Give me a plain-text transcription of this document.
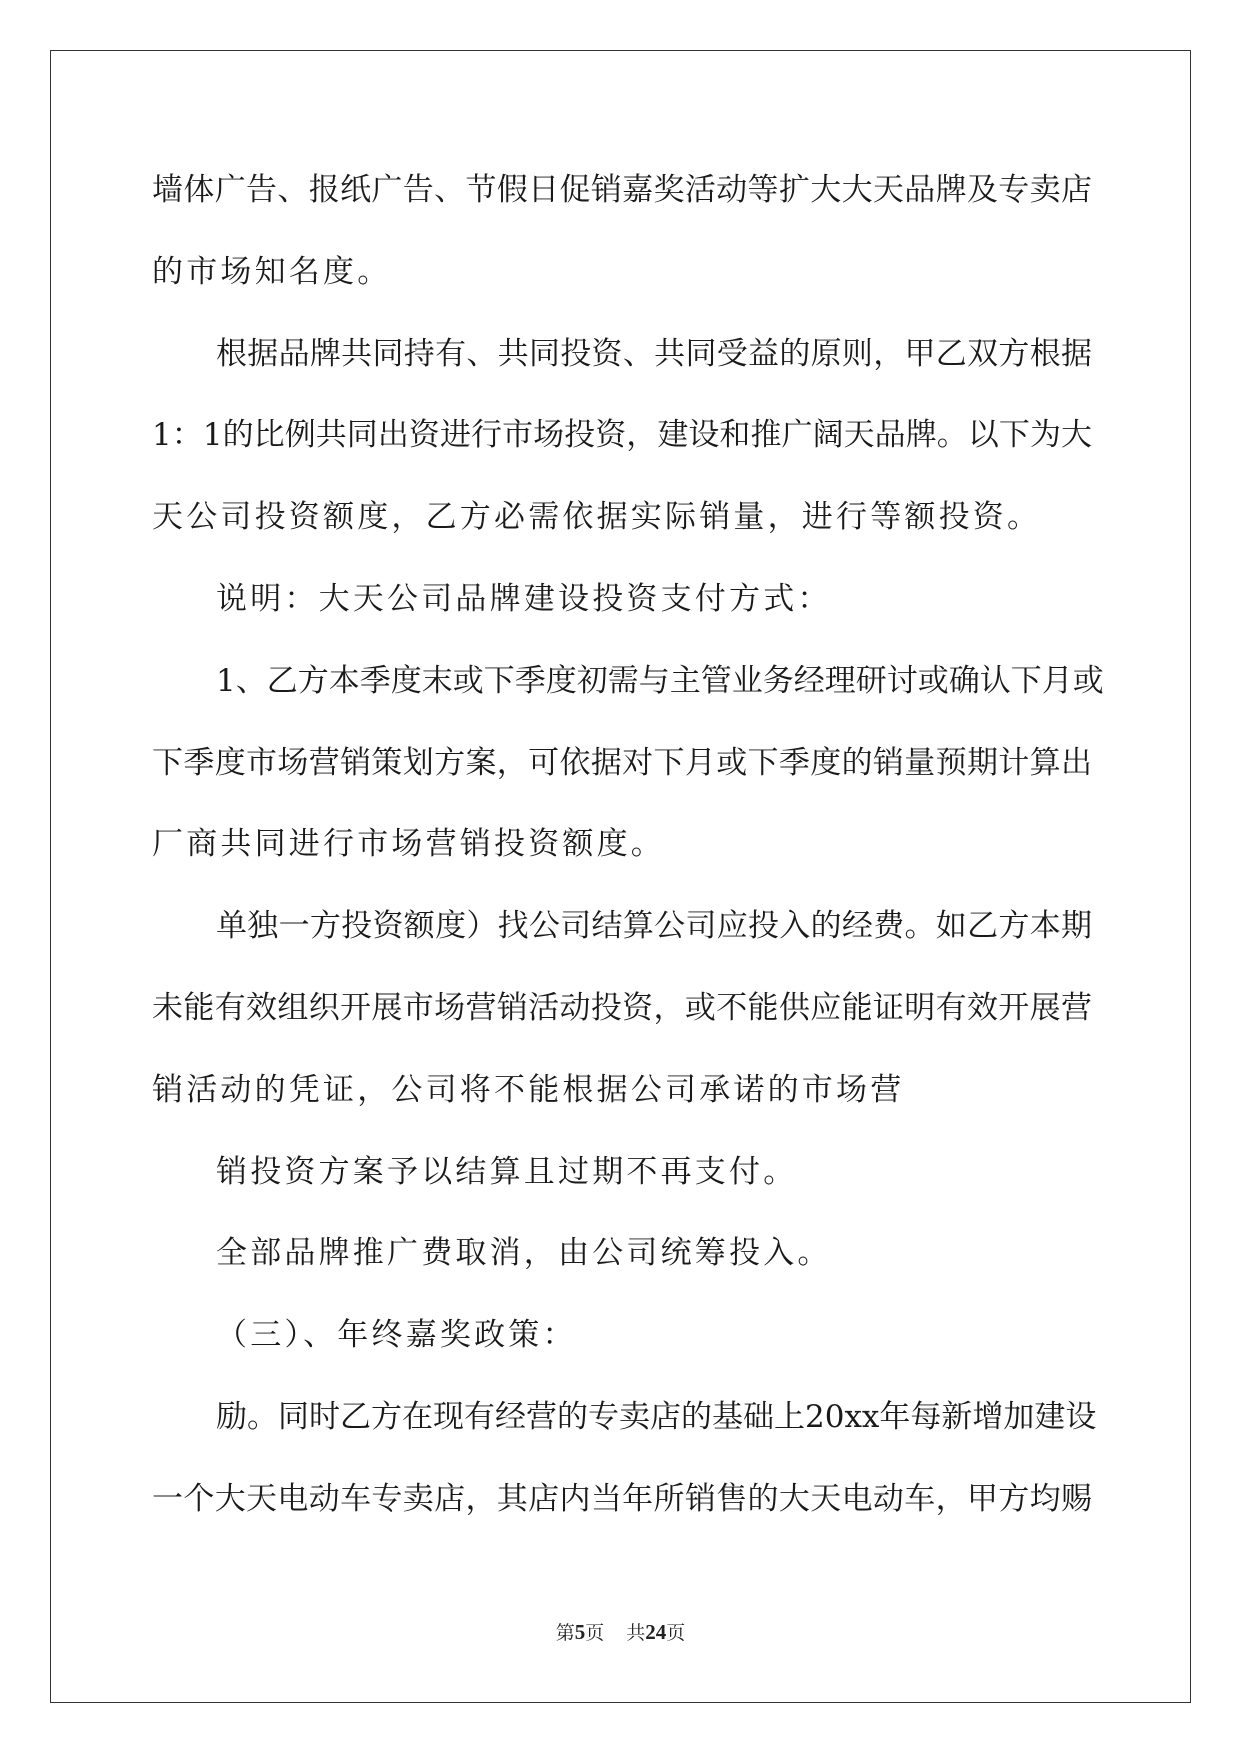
墙体广告、报纸广告、节假日促销嘉奖活动等扩大大天品牌及专卖店
的市场知名度。
根据品牌共同持有、共同投资、共同受益的原则，甲乙双方根据
1：1的比例共同出资进行市场投资，建设和推广阔天品牌。以下为大
天公司投资额度，乙方必需依据实际销量，进行等额投资。
说明：大天公司品牌建设投资支付方式：
1、乙方本季度末或下季度初需与主管业务经理研讨或确认下月或
下季度市场营销策划方案，可依据对下月或下季度的销量预期计算出
厂商共同进行市场营销投资额度。
单独一方投资额度）找公司结算公司应投入的经费。如乙方本期
未能有效组织开展市场营销活动投资，或不能供应能证明有效开展营
销活动的凭证，公司将不能根据公司承诺的市场营
销投资方案予以结算且过期不再支付。
全部品牌推广费取消，由公司统筹投入。
（三）、年终嘉奖政策：
励。同时乙方在现有经营的专卖店的基础上20xx年每新增加建设
一个大天电动车专卖店，其店内当年所销售的大天电动车，甲方均赐
第5页 共24页
